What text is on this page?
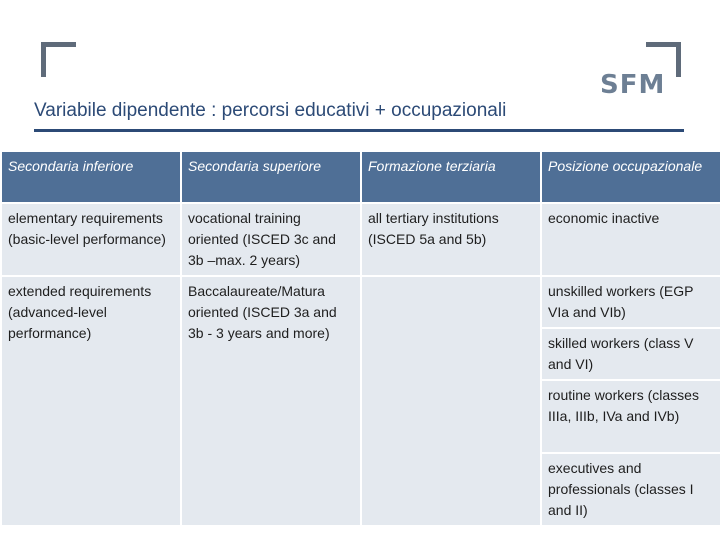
SFM
Variabile dipendente : percorsi educativi + occupazionali
Secondaria inferiore	Secondaria superiore	Formazione terziaria	Posizione occupazionale
elementary requirements (basic-level performance)	vocational training oriented (ISCED 3c and 3b –max. 2 years)	all tertiary institutions (ISCED 5a and 5b)	economic inactive
extended requirements (advanced-level performance)	Baccalaureate/Matura oriented (ISCED 3a and 3b - 3 years and more)		unskilled workers (EGP VIa and VIb)
			skilled workers (class V and VI)
			routine workers (classes IIIa, IIIb, IVa and IVb)
			executives and professionals (classes I and II)
